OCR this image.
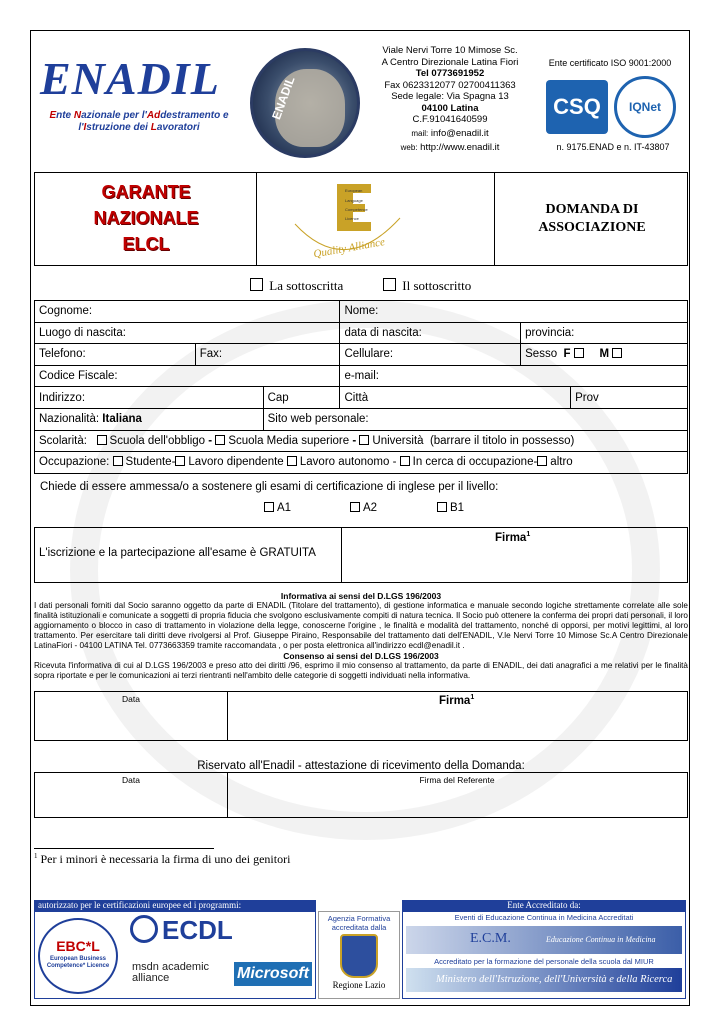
ENADIL
Ente Nazionale per l'Addestramento e l'Istruzione dei Lavoratori
ENADIL
Viale Nervi Torre 10 Mimose Sc.
A Centro Direzionale Latina Fiori
Tel 0773691952
Fax 0623312077 02700411363
Sede legale: Via Spagna 13
04100 Latina
C.F.91041640599
mail: info@enadil.it
web: http://www.enadil.it
Ente certificato ISO 9001:2000
CSQ	IQNet
n. 9175.ENAD e n. IT-43807
GARANTE
NAZIONALE
ELCL
DOMANDA DI
ASSOCIAZIONE
European
Language
Competence
Licence
Quality Alliance
La sottoscritta	Il sottoscritto
Cognome:			Nome:		
Luogo di nascita:			data di nascita:	provincia:	
Telefono:	Fax:		Cellulare:	Sesso F M	
Codice Fiscale:			e-mail:		
Indirizzo:		Cap	Città		Prov
Nazionalità: Italiana		Sito web personale:			
Scolarità: Scuola dell'obbligo - Scuola Media superiore - Università (barrare il titolo in possesso)					
Occupazione: Studente- Lavoro dipendente Lavoro autonomo - In cerca di occupazione- altro					
Chiede di essere ammessa/o a sostenere gli esami di certificazione di inglese per il livello:
A1	A2	B1
L'iscrizione e la partecipazione all'esame è GRATUITA
Firma$^1$
Informativa ai sensi del D.LGS 196/2003
I dati personali forniti dal Socio saranno oggetto da parte di ENADIL (Titolare del trattamento), di gestione informatica e manuale secondo logiche strettamente correlate alle sole finalità istituzionali e comunicate a soggetti di propria fiducia che svolgono esclusivamente compiti di natura tecnica. Il Socio può ottenere la conferma dei propri dati personali, il loro aggiornamento o blocco in caso di trattamento in violazione della legge, conoscerne l'origine , le finalità e modalità del trattamento, nonché di opporsi, per motivi legittimi, al loro trattamento. Per esercitare tali diritti deve rivolgersi al Prof. Giuseppe Piraino, Responsabile del trattamento dati dell'ENADIL, V.le Nervi Torre 10 Mimose Sc.A Centro Direzionale LatinaFiori - 04100 LATINA Tel. 0773663359 tramite raccomandata , o per posta elettronica all'indirizzo ecdl@enadil.it .
Consenso ai sensi del D.LGS 196/2003
Ricevuta l'informativa di cui al D.LGS 196/2003 e preso atto dei diritti /96, esprimo il mio consenso al trattamento, da parte di ENADIL, dei dati anagrafici a me relativi per le finalità sopra riportate e per le comunicazioni ai terzi rientranti nell'ambito delle categorie di soggetti individuati nella informativa.
Data	Firma$^1$
Riservato all'Enadil - attestazione di ricevimento della Domanda:
Data	Firma del Referente
$^1$ Per i minori è necessaria la firma di uno dei genitori
autorizzato per le certificazioni europee ed i programmi:	Ente Accreditato da:
EBC*L
European Business Competence* Licence
ECDL
msdn academic alliance	Microsoft
Agenzia Formativa
accreditata dalla
Regione Lazio
Eventi di Educazione Continua in Medicina Accreditati
E.C.M.	Educazione Continua in Medicina
Accreditato per la formazione del personale della scuola dal MIUR
Ministero dell'Istruzione, dell'Università e della Ricerca
